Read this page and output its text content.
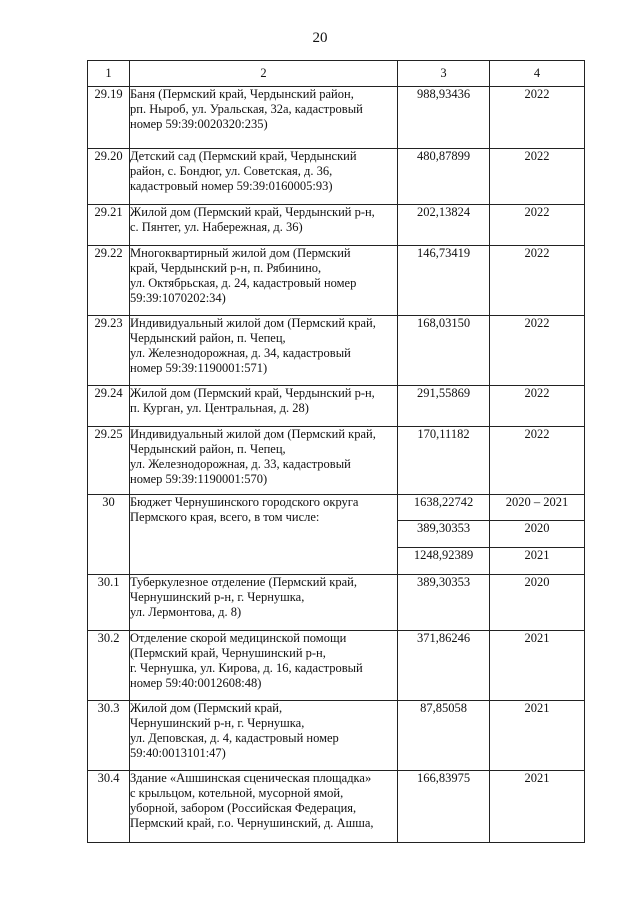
20
1	2	3	4
29.19	Баня (Пермский край, Чердынский район,
рп. Ныроб, ул. Уральская, 32а, кадастровый
номер 59:39:0020320:235)	988,93436	2022
29.20	Детский сад (Пермский край, Чердынский
район, с. Бондюг, ул. Советская, д. 36,
кадастровый номер 59:39:0160005:93)	480,87899	2022
29.21	Жилой дом (Пермский край, Чердынский р-н,
с. Пянтег, ул. Набережная, д. 36)	202,13824	2022
29.22	Многоквартирный жилой дом (Пермский
край, Чердынский р-н, п. Рябинино,
ул. Октябрьская, д. 24, кадастровый номер
59:39:1070202:34)	146,73419	2022
29.23	Индивидуальный жилой дом (Пермский край,
Чердынский район, п. Чепец,
ул. Железнодорожная, д. 34, кадастровый
номер 59:39:1190001:571)	168,03150	2022
29.24	Жилой дом (Пермский край, Чердынский р-н,
п. Курган, ул. Центральная, д. 28)	291,55869	2022
29.25	Индивидуальный жилой дом (Пермский край,
Чердынский район, п. Чепец,
ул. Железнодорожная, д. 33, кадастровый
номер 59:39:1190001:570)	170,11182	2022
30	Бюджет Чернушинского городского округа
Пермского края, всего, в том числе:	1638,22742	2020 – 2021
		389,30353	2020
		1248,92389	2021
30.1	Туберкулезное отделение (Пермский край,
Чернушинский р-н, г. Чернушка,
ул. Лермонтова, д. 8)	389,30353	2020
30.2	Отделение скорой медицинской помощи
(Пермский край, Чернушинский р-н,
г. Чернушка, ул. Кирова, д. 16, кадастровый
номер 59:40:0012608:48)	371,86246	2021
30.3	Жилой дом (Пермский край,
Чернушинский р-н, г. Чернушка,
ул. Деповская, д. 4, кадастровый номер
59:40:0013101:47)	87,85058	2021
30.4	Здание «Ашшинская сценическая площадка»
с крыльцом, котельной, мусорной ямой,
уборной, забором (Российская Федерация,
Пермский край, г.о. Чернушинский, д. Ашша,	166,83975	2021
